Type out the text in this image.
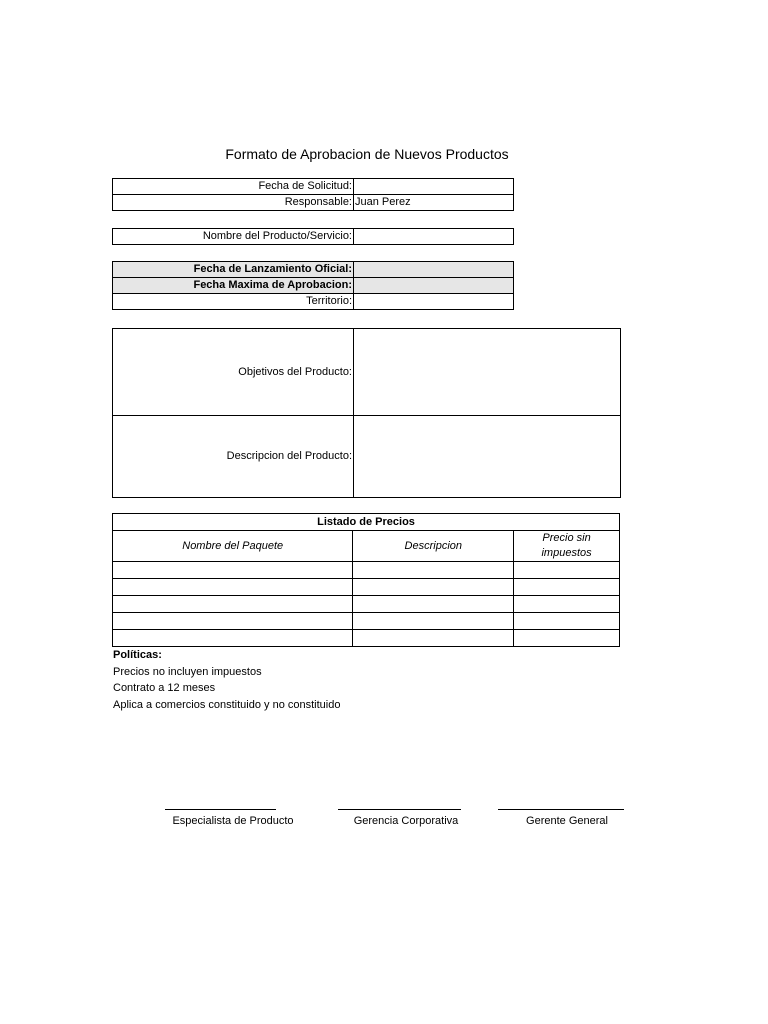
Formato de Aprobacion de Nuevos Productos
Fecha de Solicitud:	
Responsable:	Juan Perez
Nombre del Producto/Servicio:	
Fecha de Lanzamiento Oficial:	
Fecha Maxima de Aprobacion:	
Territorio:	
Objetivos del Producto:	
Descripcion del Producto:	
Listado de Precios		
Nombre del Paquete	Descripcion	Precio sin impuestos

Políticas:
Precios no incluyen impuestos
Contrato a 12 meses
Aplica a comercios constituido y no constituido
Especialista de Producto	Gerencia Corporativa	Gerente General
